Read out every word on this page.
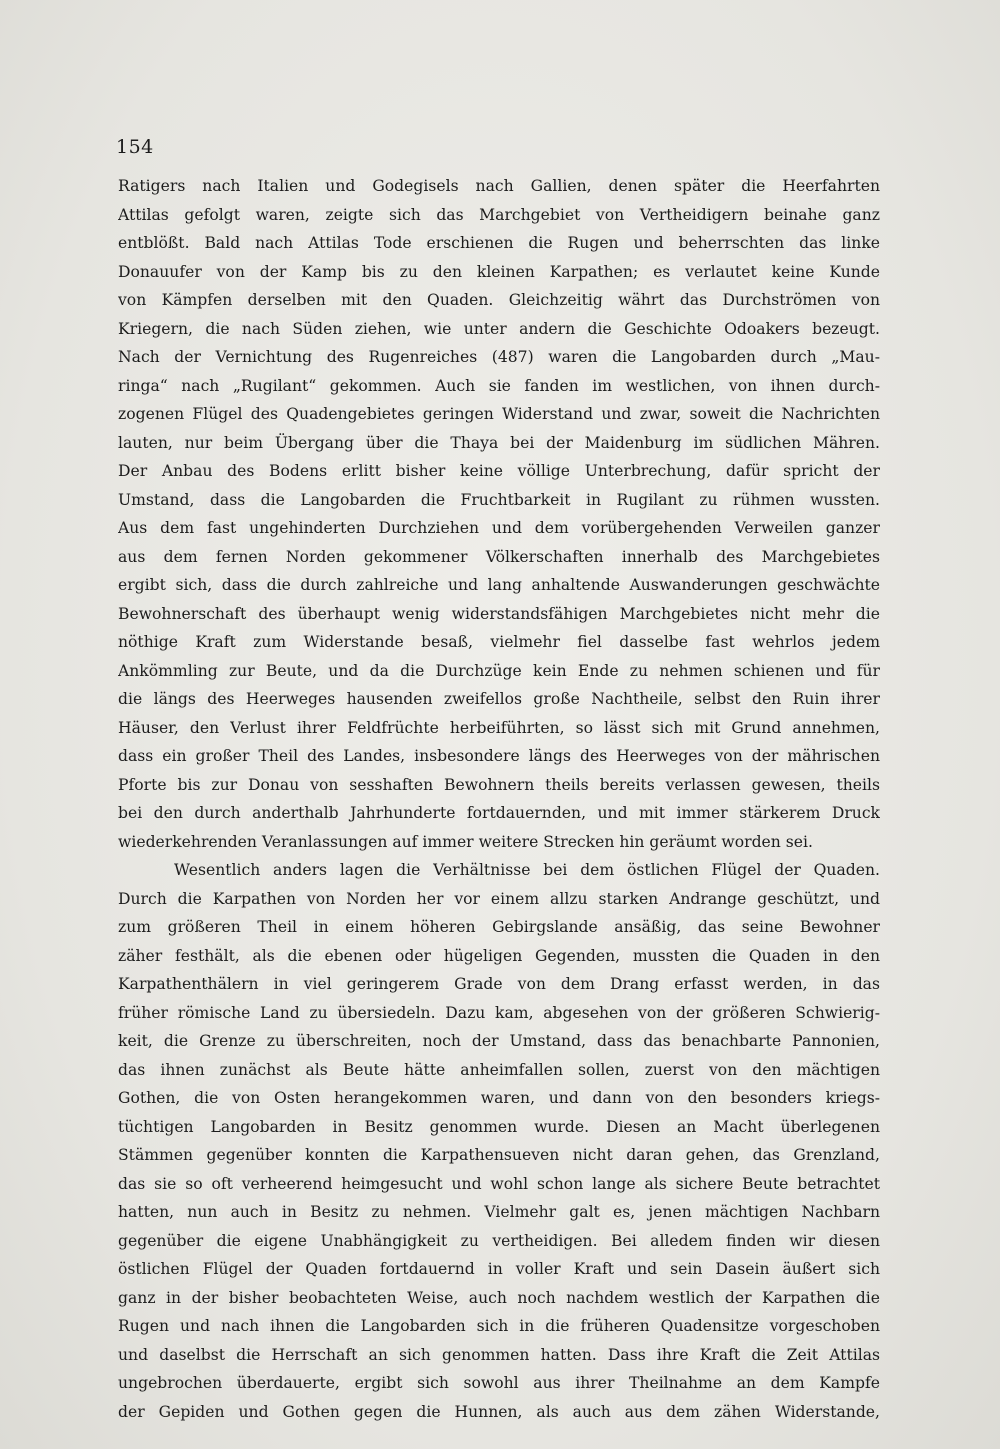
154
Ratigers nach Italien und Godegisels nach Gallien, denen später die Heerfahrten
Attilas gefolgt waren, zeigte sich das Marchgebiet von Vertheidigern beinahe ganz
entblößt. Bald nach Attilas Tode erschienen die Rugen und beherrschten das linke
Donauufer von der Kamp bis zu den kleinen Karpathen; es verlautet keine Kunde
von Kämpfen derselben mit den Quaden. Gleichzeitig währt das Durchströmen von
Kriegern, die nach Süden ziehen, wie unter andern die Geschichte Odoakers bezeugt.
Nach der Vernichtung des Rugenreiches (487) waren die Langobarden durch „Mau-
ringa“ nach „Rugilant“ gekommen. Auch sie fanden im westlichen, von ihnen durch-
zogenen Flügel des Quadengebietes geringen Widerstand und zwar, soweit die Nachrichten
lauten, nur beim Übergang über die Thaya bei der Maidenburg im südlichen Mähren.
Der Anbau des Bodens erlitt bisher keine völlige Unterbrechung, dafür spricht der
Umstand, dass die Langobarden die Fruchtbarkeit in Rugilant zu rühmen wussten.
Aus dem fast ungehinderten Durchziehen und dem vorübergehenden Verweilen ganzer
aus dem fernen Norden gekommener Völkerschaften innerhalb des Marchgebietes
ergibt sich, dass die durch zahlreiche und lang anhaltende Auswanderungen geschwächte
Bewohnerschaft des überhaupt wenig widerstandsfähigen Marchgebietes nicht mehr die
nöthige Kraft zum Widerstande besaß, vielmehr fiel dasselbe fast wehrlos jedem
Ankömmling zur Beute, und da die Durchzüge kein Ende zu nehmen schienen und für
die längs des Heerweges hausenden zweifellos große Nachtheile, selbst den Ruin ihrer
Häuser, den Verlust ihrer Feldfrüchte herbeiführten, so lässt sich mit Grund annehmen,
dass ein großer Theil des Landes, insbesondere längs des Heerweges von der mährischen
Pforte bis zur Donau von sesshaften Bewohnern theils bereits verlassen gewesen, theils
bei den durch anderthalb Jahrhunderte fortdauernden, und mit immer stärkerem Druck
wiederkehrenden Veranlassungen auf immer weitere Strecken hin geräumt worden sei.
Wesentlich anders lagen die Verhältnisse bei dem östlichen Flügel der Quaden.
Durch die Karpathen von Norden her vor einem allzu starken Andrange geschützt, und
zum größeren Theil in einem höheren Gebirgslande ansäßig, das seine Bewohner
zäher festhält, als die ebenen oder hügeligen Gegenden, mussten die Quaden in den
Karpathenthälern in viel geringerem Grade von dem Drang erfasst werden, in das
früher römische Land zu übersiedeln. Dazu kam, abgesehen von der größeren Schwierig-
keit, die Grenze zu überschreiten, noch der Umstand, dass das benachbarte Pannonien,
das ihnen zunächst als Beute hätte anheimfallen sollen, zuerst von den mächtigen
Gothen, die von Osten herangekommen waren, und dann von den besonders kriegs-
tüchtigen Langobarden in Besitz genommen wurde. Diesen an Macht überlegenen
Stämmen gegenüber konnten die Karpathensueven nicht daran gehen, das Grenzland,
das sie so oft verheerend heimgesucht und wohl schon lange als sichere Beute betrachtet
hatten, nun auch in Besitz zu nehmen. Vielmehr galt es, jenen mächtigen Nachbarn
gegenüber die eigene Unabhängigkeit zu vertheidigen. Bei alledem finden wir diesen
östlichen Flügel der Quaden fortdauernd in voller Kraft und sein Dasein äußert sich
ganz in der bisher beobachteten Weise, auch noch nachdem westlich der Karpathen die
Rugen und nach ihnen die Langobarden sich in die früheren Quadensitze vorgeschoben
und daselbst die Herrschaft an sich genommen hatten. Dass ihre Kraft die Zeit Attilas
ungebrochen überdauerte, ergibt sich sowohl aus ihrer Theilnahme an dem Kampfe
der Gepiden und Gothen gegen die Hunnen, als auch aus dem zähen Widerstande,
